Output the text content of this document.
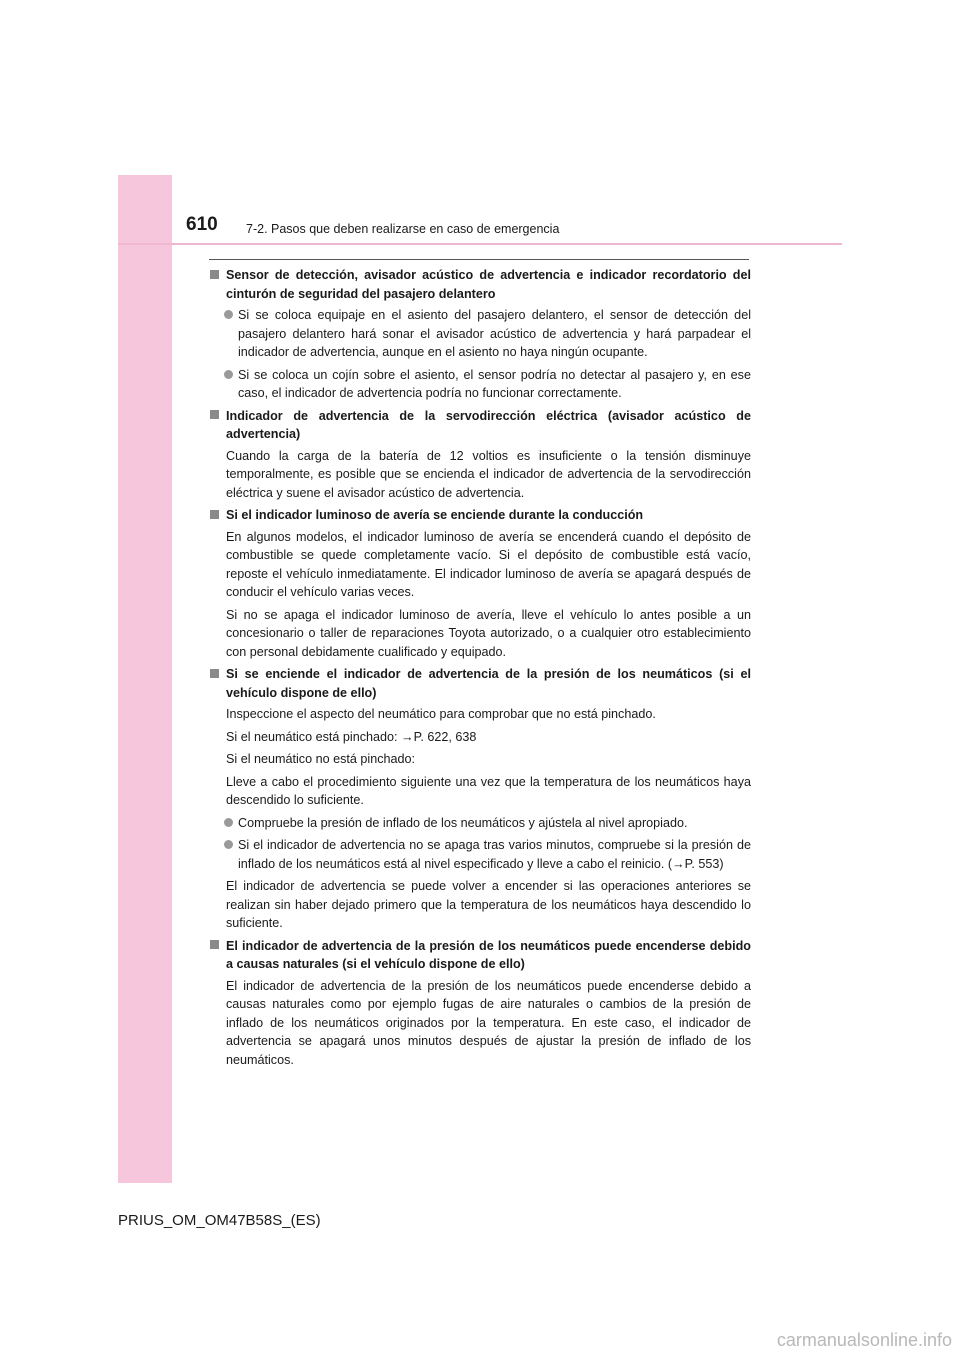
610 7-2. Pasos que deben realizarse en caso de emergencia
Sensor de detección, avisador acústico de advertencia e indicador recordatorio del cinturón de seguridad del pasajero delantero
Si se coloca equipaje en el asiento del pasajero delantero, el sensor de detección del pasajero delantero hará sonar el avisador acústico de advertencia y hará parpadear el indicador de advertencia, aunque en el asiento no haya ningún ocupante.
Si se coloca un cojín sobre el asiento, el sensor podría no detectar al pasajero y, en ese caso, el indicador de advertencia podría no funcionar correctamente.
Indicador de advertencia de la servodirección eléctrica (avisador acústico de advertencia)
Cuando la carga de la batería de 12 voltios es insuficiente o la tensión disminuye temporalmente, es posible que se encienda el indicador de advertencia de la servodirección eléctrica y suene el avisador acústico de advertencia.
Si el indicador luminoso de avería se enciende durante la conducción
En algunos modelos, el indicador luminoso de avería se encenderá cuando el depósito de combustible se quede completamente vacío. Si el depósito de combustible está vacío, reposte el vehículo inmediatamente. El indicador luminoso de avería se apagará después de conducir el vehículo varias veces.
Si no se apaga el indicador luminoso de avería, lleve el vehículo lo antes posible a un concesionario o taller de reparaciones Toyota autorizado, o a cualquier otro establecimiento con personal debidamente cualificado y equipado.
Si se enciende el indicador de advertencia de la presión de los neumáticos (si el vehículo dispone de ello)
Inspeccione el aspecto del neumático para comprobar que no está pinchado.
Si el neumático está pinchado: →P. 622, 638
Si el neumático no está pinchado:
Lleve a cabo el procedimiento siguiente una vez que la temperatura de los neumáticos haya descendido lo suficiente.
Compruebe la presión de inflado de los neumáticos y ajústela al nivel apropiado.
Si el indicador de advertencia no se apaga tras varios minutos, compruebe si la presión de inflado de los neumáticos está al nivel especificado y lleve a cabo el reinicio. (→P. 553)
El indicador de advertencia se puede volver a encender si las operaciones anteriores se realizan sin haber dejado primero que la temperatura de los neumáticos haya descendido lo suficiente.
El indicador de advertencia de la presión de los neumáticos puede encenderse debido a causas naturales (si el vehículo dispone de ello)
El indicador de advertencia de la presión de los neumáticos puede encenderse debido a causas naturales como por ejemplo fugas de aire naturales o cambios de la presión de inflado de los neumáticos originados por la temperatura. En este caso, el indicador de advertencia se apagará unos minutos después de ajustar la presión de inflado de los neumáticos.
PRIUS_OM_OM47B58S_(ES)
carmanualsonline.info
